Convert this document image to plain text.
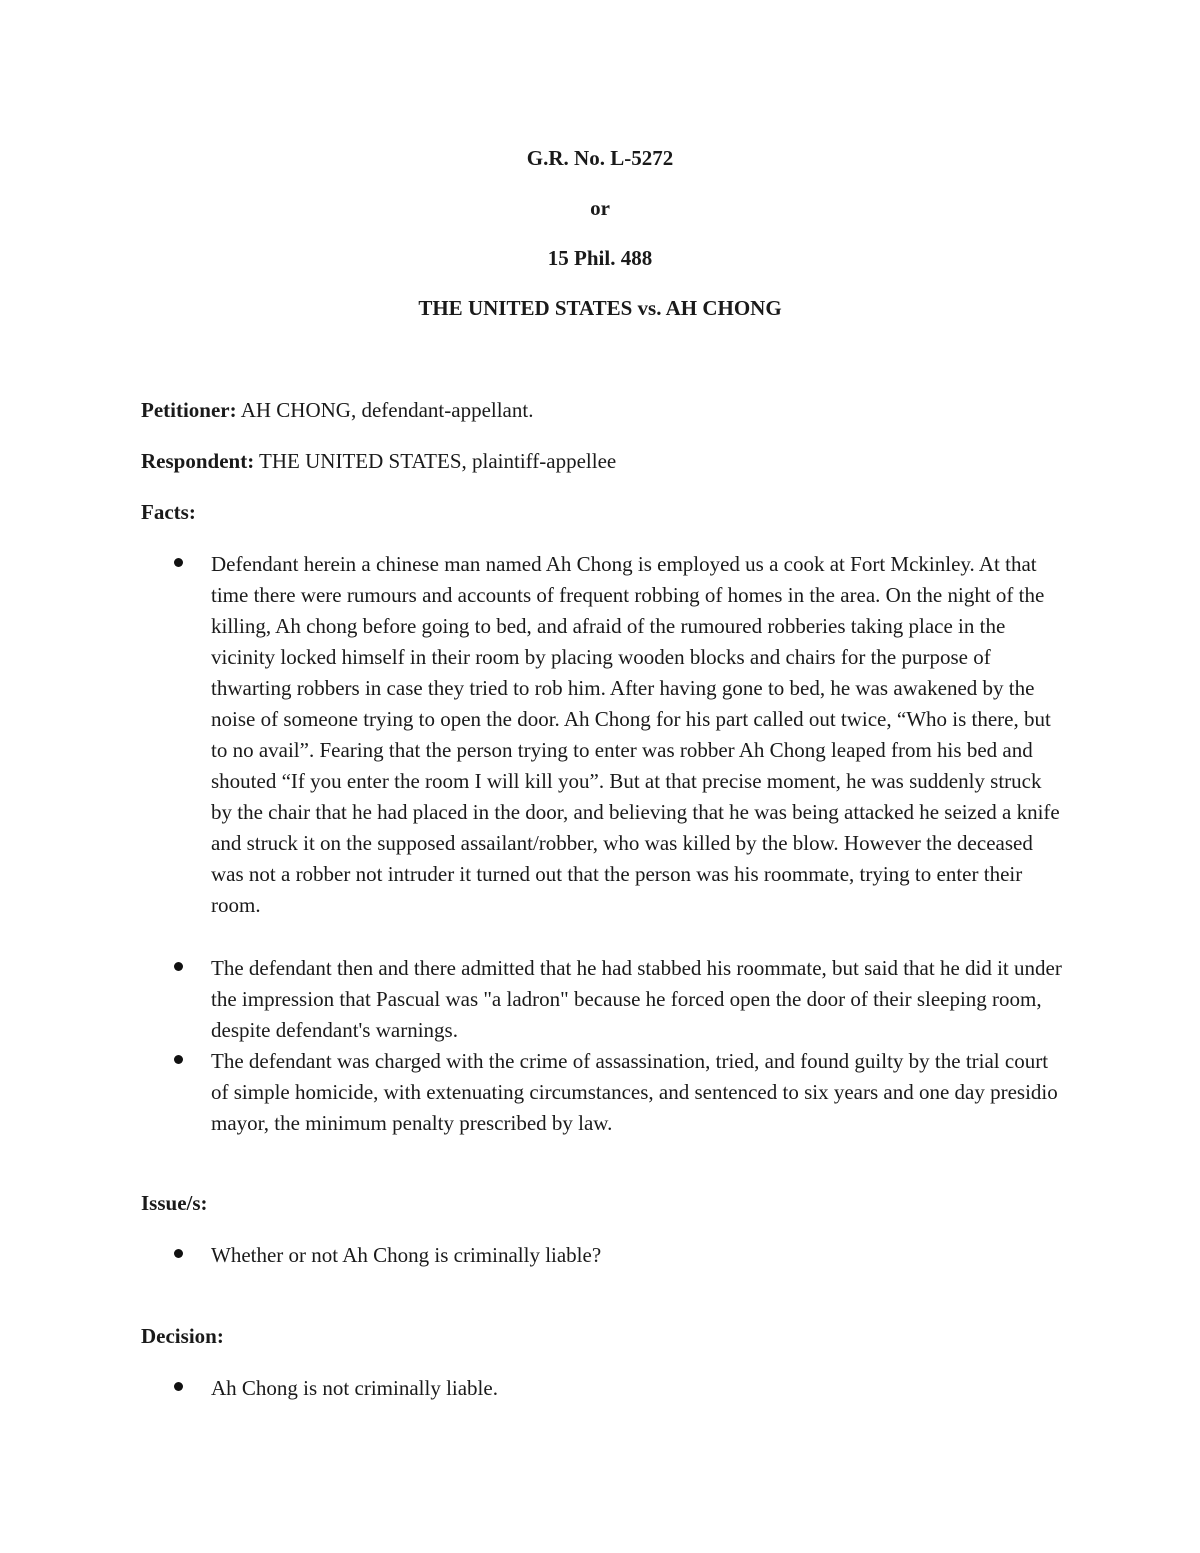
G.R. No. L-5272
or
15 Phil. 488
THE UNITED STATES vs. AH CHONG
Petitioner: AH CHONG, defendant-appellant.
Respondent: THE UNITED STATES, plaintiff-appellee
Facts:
Defendant herein a chinese man named Ah Chong is employed us a cook at Fort Mckinley. At that time there were rumours and accounts of frequent robbing of homes in the area. On the night of the killing, Ah chong before going to bed, and afraid of the rumoured robberies taking place in the vicinity locked himself in their room by placing wooden blocks and chairs for the purpose of thwarting robbers in case they tried to rob him. After having gone to bed, he was awakened by the noise of someone trying to open the door. Ah Chong for his part called out twice, “Who is there, but to no avail”. Fearing that the person trying to enter was robber Ah Chong leaped from his bed and shouted “If you enter the room I will kill you”. But at that precise moment, he was suddenly struck by the chair that he had placed in the door, and believing that he was being attacked he seized a knife and struck it on the supposed assailant/robber, who was killed by the blow. However the deceased was not a robber not intruder it turned out that the person was his roommate, trying to enter their room.
The defendant then and there admitted that he had stabbed his roommate, but said that he did it under the impression that Pascual was "a ladron" because he forced open the door of their sleeping room, despite defendant's warnings.
The defendant was charged with the crime of assassination, tried, and found guilty by the trial court of simple homicide, with extenuating circumstances, and sentenced to six years and one day presidio mayor, the minimum penalty prescribed by law.
Issue/s:
Whether or not Ah Chong is criminally liable?
Decision:
Ah Chong is not criminally liable.
